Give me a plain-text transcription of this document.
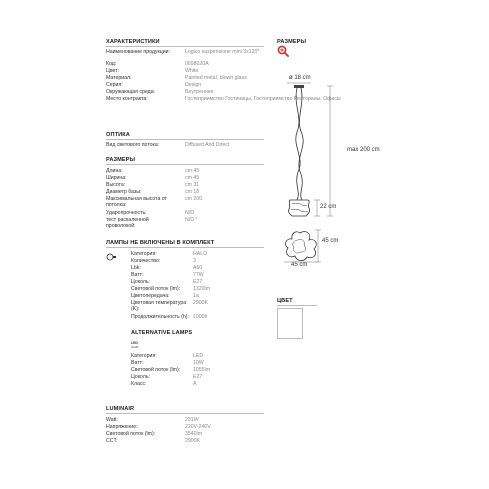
ХАРАКТЕРИСТИКИ
Наименование продукции:	Logico suspensione mini 3x120°
Код:	0698020A
Цвет:	White
Материал:	Painted metal, blown glass
Серия:	Design
Окружающая среда:	Внутреннее
Место контракта:	Гостеприимство Гостиницы, Гостеприимство Рестораны, Офисы
ОПТИКА
Вид светового потока:	Diffused And Direct
РАЗМЕРЫ
Длина:	cm 45
Ширина:	cm 45
Высота:	cm 31
Диаметр базы:	cm 18
Максимальная высота от потолка:
cm 200
Ударопрочность:	N/D
тест раскаленной проволокой:
N/D °
ЛАМПЫ НЕ ВКЛЮЧЕНЫ В КОМПЛЕКТ
Категория:	HALO
Количество:	3
Lbk:	A60
Ватт:	77W
Цоколь:	E27
Световой поток (lm): 1320lm
Цветопередача:	1a
Цветовая температура (K):
2900K
Продолжительность (h): 1000h
ALTERNATIVE LAMPS
LED
retrofit
Категория:	LED
Ватт:	10W
Световой поток (lm): 1055lm
Цоколь:	E27
Класс:	A
LUMINAIR
Watt:	231W
Напряжение:	220V-240V
Световой поток (lm):	3540lm
CCT:	2900K
РАЗМЕРЫ
ø 18 cm
max 200 cm
22 cm
45 cm
45 cm
ЦВЕТ
